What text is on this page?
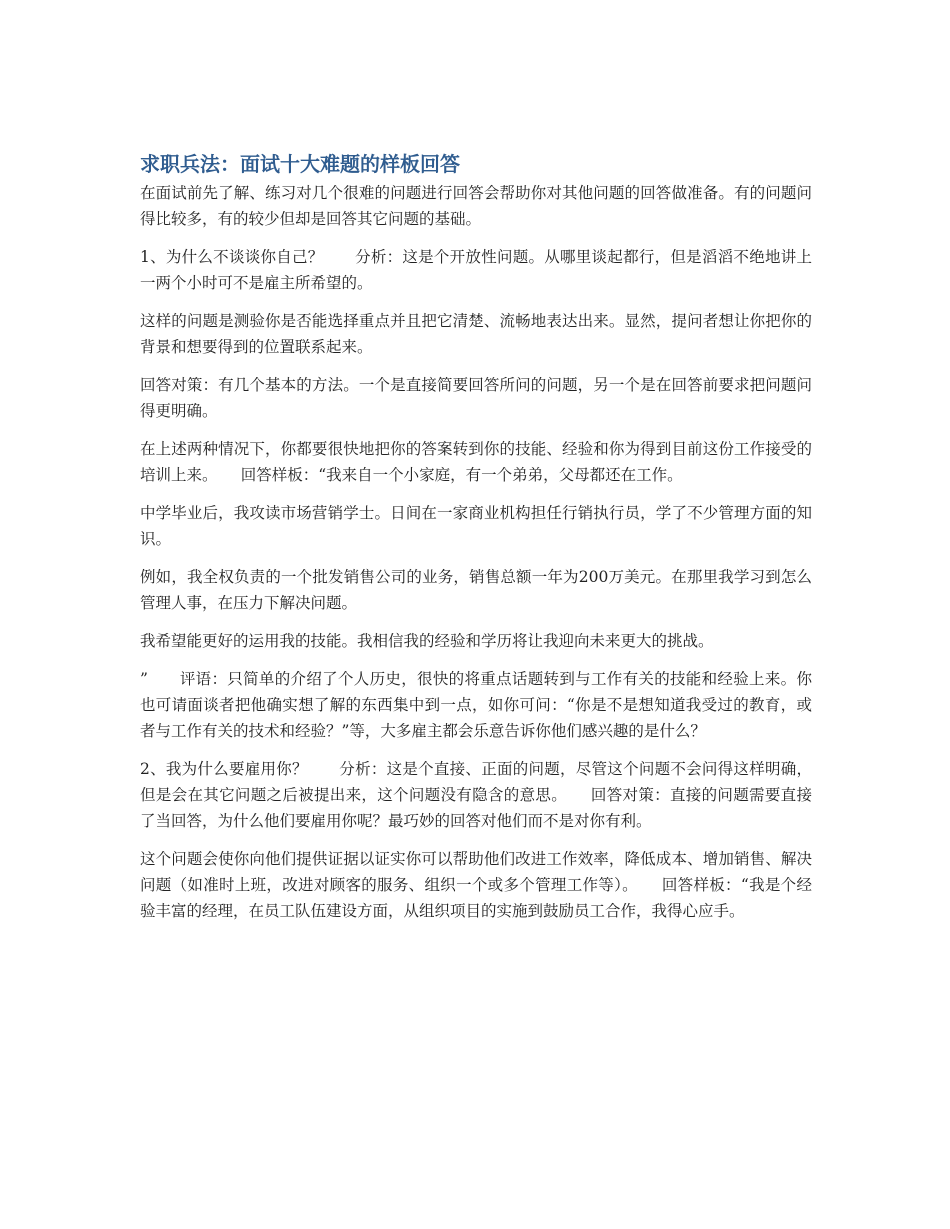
求职兵法：面试十大难题的样板回答

在面试前先了解、练习对几个很难的问题进行回答会帮助你对其他问题的回答做准备。有的问题问得比较多，有的较少但却是回答其它问题的基础。

1、为什么不谈谈你自己？　　分析：这是个开放性问题。从哪里谈起都行，但是滔滔不绝地讲上一两个小时可不是雇主所希望的。

这样的问题是测验你是否能选择重点并且把它清楚、流畅地表达出来。显然，提问者想让你把你的背景和想要得到的位置联系起来。

回答对策：有几个基本的方法。一个是直接简要回答所问的问题，另一个是在回答前要求把问题问得更明确。

在上述两种情况下，你都要很快地把你的答案转到你的技能、经验和你为得到目前这份工作接受的培训上来。　　回答样板：“我来自一个小家庭，有一个弟弟，父母都还在工作。

中学毕业后，我攻读市场营销学士。日间在一家商业机构担任行销执行员，学了不少管理方面的知识。

例如，我全权负责的一个批发销售公司的业务，销售总额一年为200万美元。在那里我学习到怎么管理人事，在压力下解决问题。

我希望能更好的运用我的技能。我相信我的经验和学历将让我迎向未来更大的挑战。

”　　评语：只简单的介绍了个人历史，很快的将重点话题转到与工作有关的技能和经验上来。你也可请面谈者把他确实想了解的东西集中到一点，如你可问：“你是不是想知道我受过的教育，或者与工作有关的技术和经验？”等，大多雇主都会乐意告诉你他们感兴趣的是什么？

2、我为什么要雇用你？　　分析：这是个直接、正面的问题，尽管这个问题不会问得这样明确，但是会在其它问题之后被提出来，这个问题没有隐含的意思。　　回答对策：直接的问题需要直接了当回答，为什么他们要雇用你呢？最巧妙的回答对他们而不是对你有利。

这个问题会使你向他们提供证据以证实你可以帮助他们改进工作效率，降低成本、增加销售、解决问题（如准时上班，改进对顾客的服务、组织一个或多个管理工作等）。　　回答样板：“我是个经验丰富的经理，在员工队伍建设方面，从组织项目的实施到鼓励员工合作，我得心应手。
